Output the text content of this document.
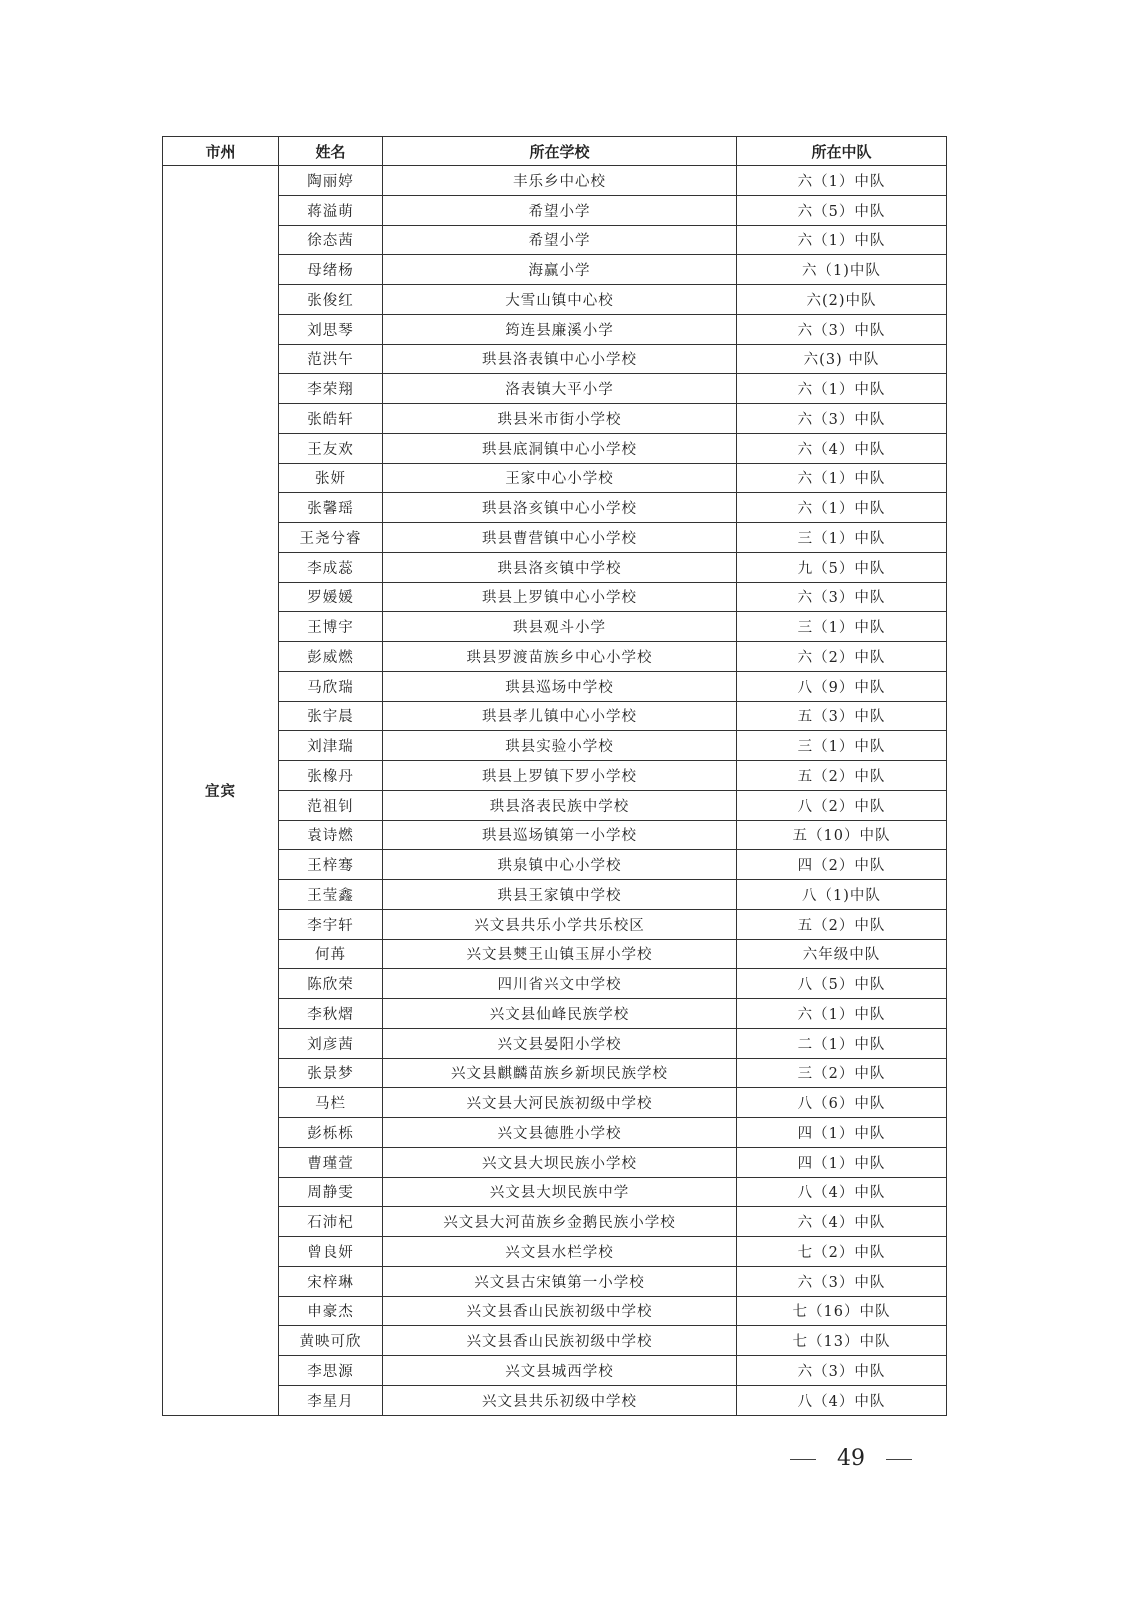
市州	姓名	所在学校	所在中队
宜宾	陶丽婷	丰乐乡中心校	六（1）中队
	蒋溢萌	希望小学	六（5）中队
	徐态茜	希望小学	六（1）中队
	母绪杨	海赢小学	六（1)中队
	张俊红	大雪山镇中心校	六(2)中队
	刘思琴	筠连县廉溪小学	六（3）中队
	范洪午	珙县洛表镇中心小学校	六(3) 中队
	李荣翔	洛表镇大平小学	六（1）中队
	张皓轩	珙县米市街小学校	六（3）中队
	王友欢	珙县底洞镇中心小学校	六（4）中队
	张妍	王家中心小学校	六（1）中队
	张馨瑶	珙县洛亥镇中心小学校	六（1）中队
	王尧兮睿	珙县曹营镇中心小学校	三（1）中队
	李成蕊	珙县洛亥镇中学校	九（5）中队
	罗媛媛	珙县上罗镇中心小学校	六（3）中队
	王博宇	珙县观斗小学	三（1）中队
	彭威燃	珙县罗渡苗族乡中心小学校	六（2）中队
	马欣瑞	珙县巡场中学校	八（9）中队
	张宇晨	珙县孝儿镇中心小学校	五（3）中队
	刘津瑞	珙县实验小学校	三（1）中队
	张橡丹	珙县上罗镇下罗小学校	五（2）中队
	范祖钊	珙县洛表民族中学校	八（2）中队
	袁诗燃	珙县巡场镇第一小学校	五（10）中队
	王梓骞	珙泉镇中心小学校	四（2）中队
	王莹鑫	珙县王家镇中学校	八（1)中队
	李宇轩	兴文县共乐小学共乐校区	五（2）中队
	何苒	兴文县僰王山镇玉屏小学校	六年级中队
	陈欣荣	四川省兴文中学校	八（5）中队
	李秋熠	兴文县仙峰民族学校	六（1）中队
	刘彦茜	兴文县晏阳小学校	二（1）中队
	张景梦	兴文县麒麟苗族乡新坝民族学校	三（2）中队
	马栏	兴文县大河民族初级中学校	八（6）中队
	彭栎栎	兴文县德胜小学校	四（1）中队
	曹瑾萱	兴文县大坝民族小学校	四（1）中队
	周静雯	兴文县大坝民族中学	八（4）中队
	石沛杞	兴文县大河苗族乡金鹅民族小学校	六（4）中队
	曾良妍	兴文县水栏学校	七（2）中队
	宋梓琳	兴文县古宋镇第一小学校	六（3）中队
	申豪杰	兴文县香山民族初级中学校	七（16）中队
	黄映可欣	兴文县香山民族初级中学校	七（13）中队
	李思源	兴文县城西学校	六（3）中队
	李星月	兴文县共乐初级中学校	八（4）中队
49
